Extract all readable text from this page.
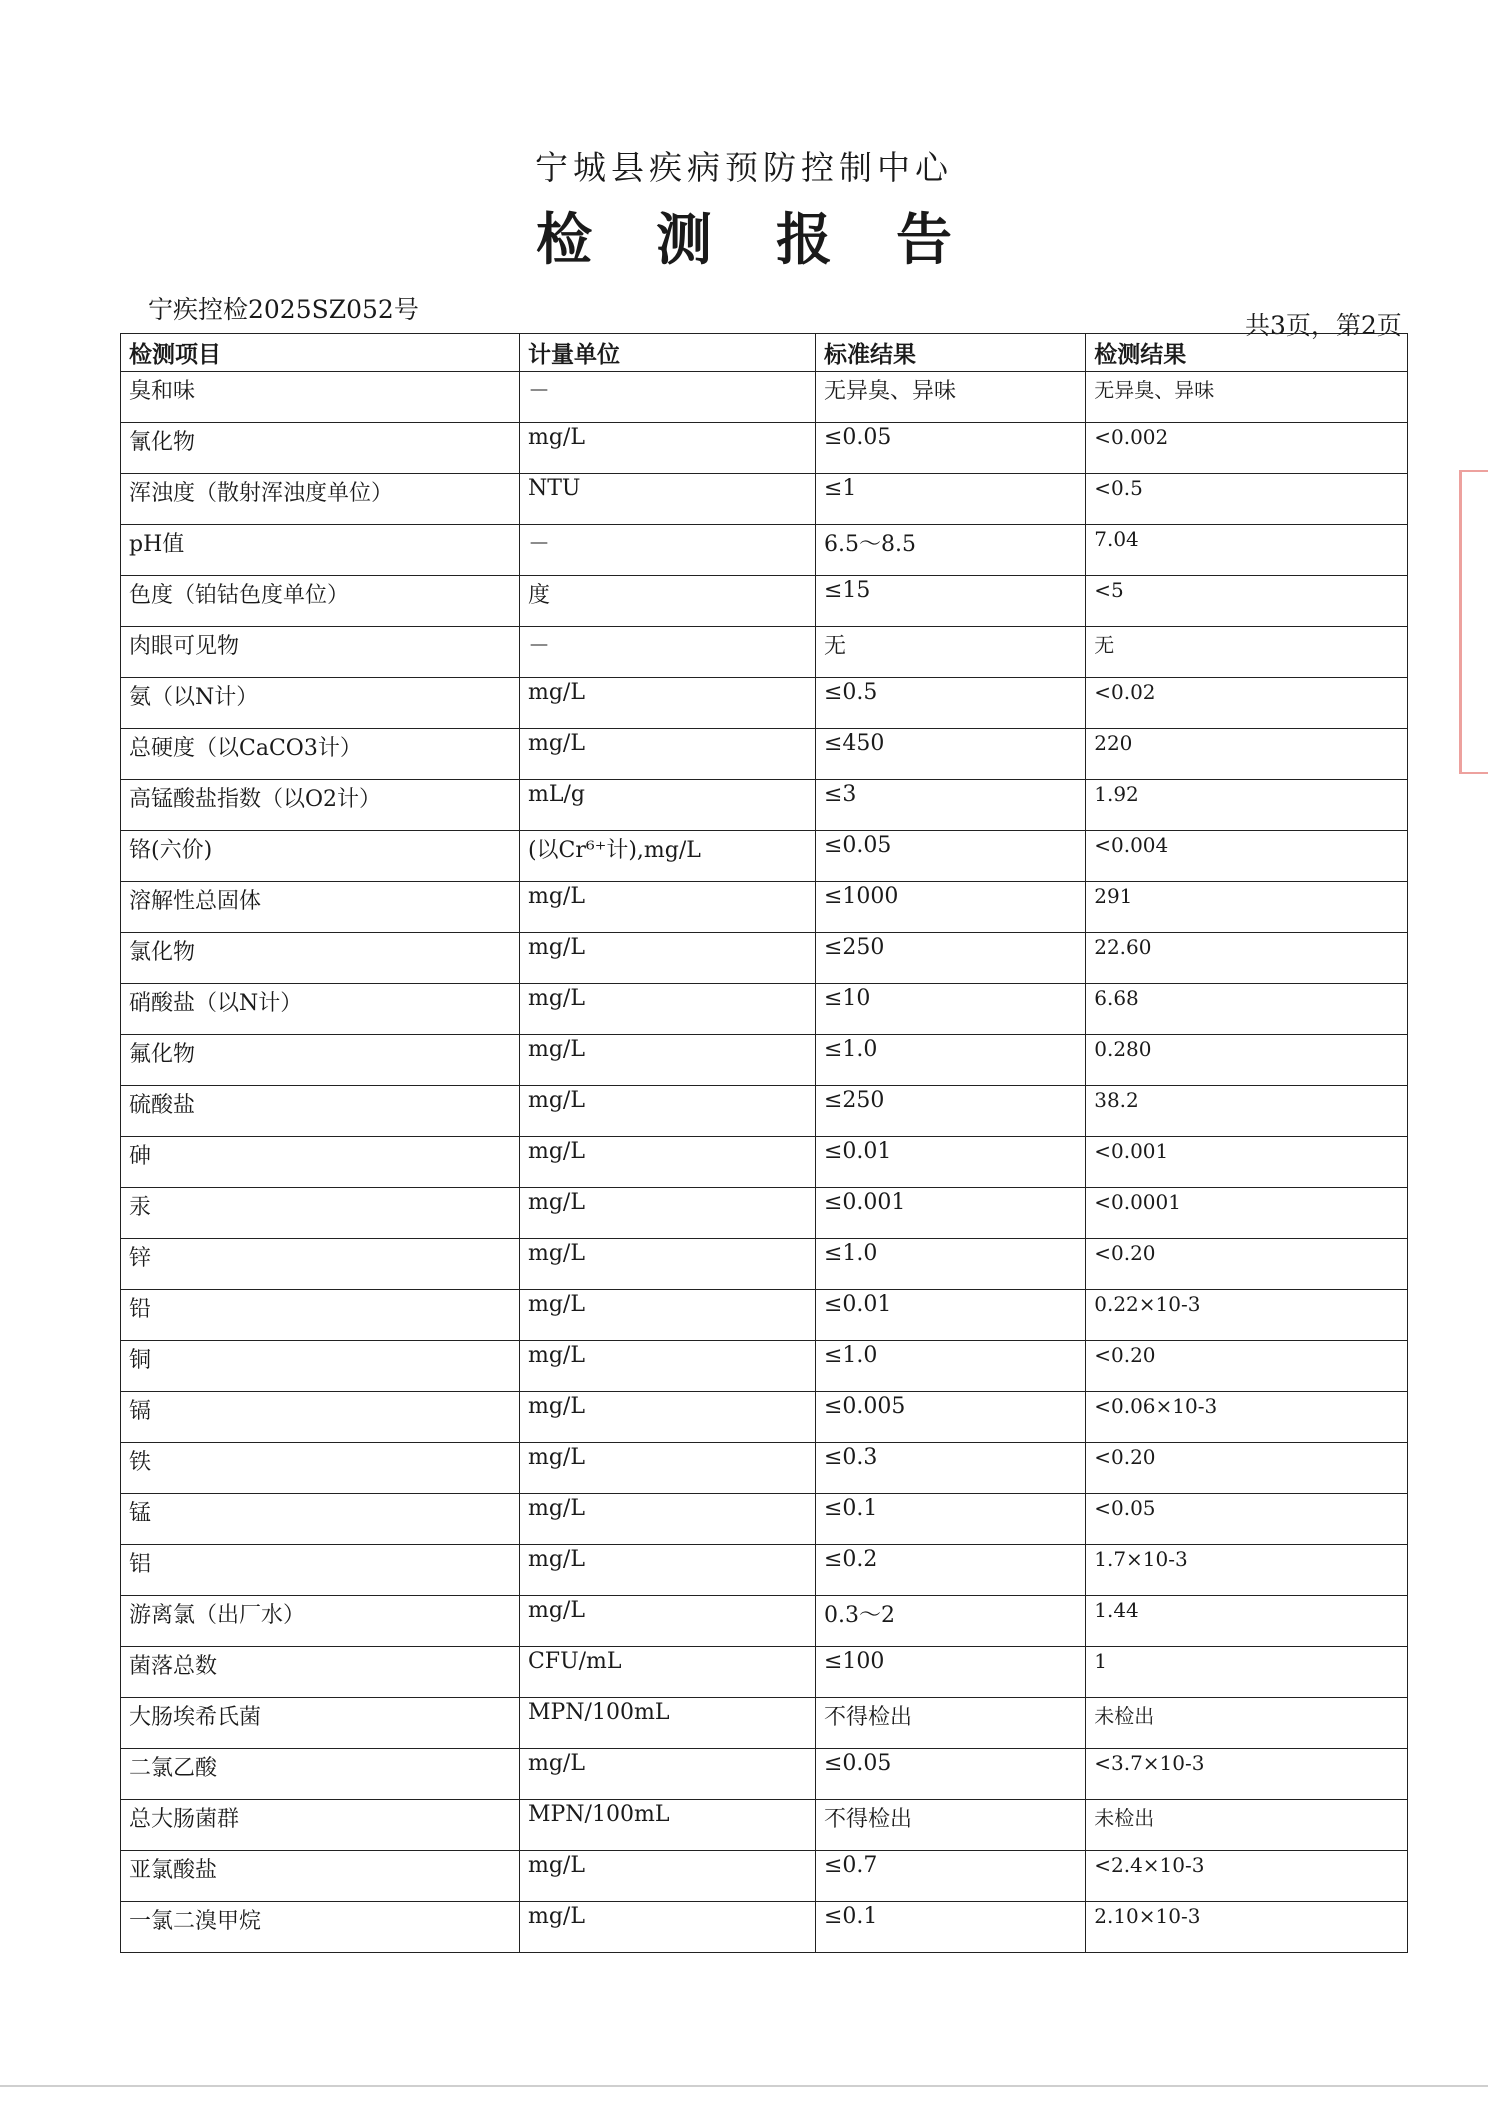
宁城县疾病预防控制中心
检测报告
宁疾控检2025SZ052号
共3页，第2页
检测项目	计量单位	标准结果	检测结果
臭和味	－	无异臭、异味	无异臭、异味
氰化物	mg/L	≤0.05	<0.002
浑浊度（散射浑浊度单位）	NTU	≤1	<0.5
pH值	－	6.5～8.5	7.04
色度（铂钴色度单位）	度	≤15	<5
肉眼可见物	－	无	无
氨（以N计）	mg/L	≤0.5	<0.02
总硬度（以CaCO3计）	mg/L	≤450	220
高锰酸盐指数（以O2计）	mL/g	≤3	1.92
铬(六价)	(以Cr⁶⁺计),mg/L	≤0.05	<0.004
溶解性总固体	mg/L	≤1000	291
氯化物	mg/L	≤250	22.60
硝酸盐（以N计）	mg/L	≤10	6.68
氟化物	mg/L	≤1.0	0.280
硫酸盐	mg/L	≤250	38.2
砷	mg/L	≤0.01	<0.001
汞	mg/L	≤0.001	<0.0001
锌	mg/L	≤1.0	<0.20
铅	mg/L	≤0.01	0.22×10-3
铜	mg/L	≤1.0	<0.20
镉	mg/L	≤0.005	<0.06×10-3
铁	mg/L	≤0.3	<0.20
锰	mg/L	≤0.1	<0.05
铝	mg/L	≤0.2	1.7×10-3
游离氯（出厂水）	mg/L	0.3～2	1.44
菌落总数	CFU/mL	≤100	1
大肠埃希氏菌	MPN/100mL	不得检出	未检出
二氯乙酸	mg/L	≤0.05	<3.7×10-3
总大肠菌群	MPN/100mL	不得检出	未检出
亚氯酸盐	mg/L	≤0.7	<2.4×10-3
一氯二溴甲烷	mg/L	≤0.1	2.10×10-3
